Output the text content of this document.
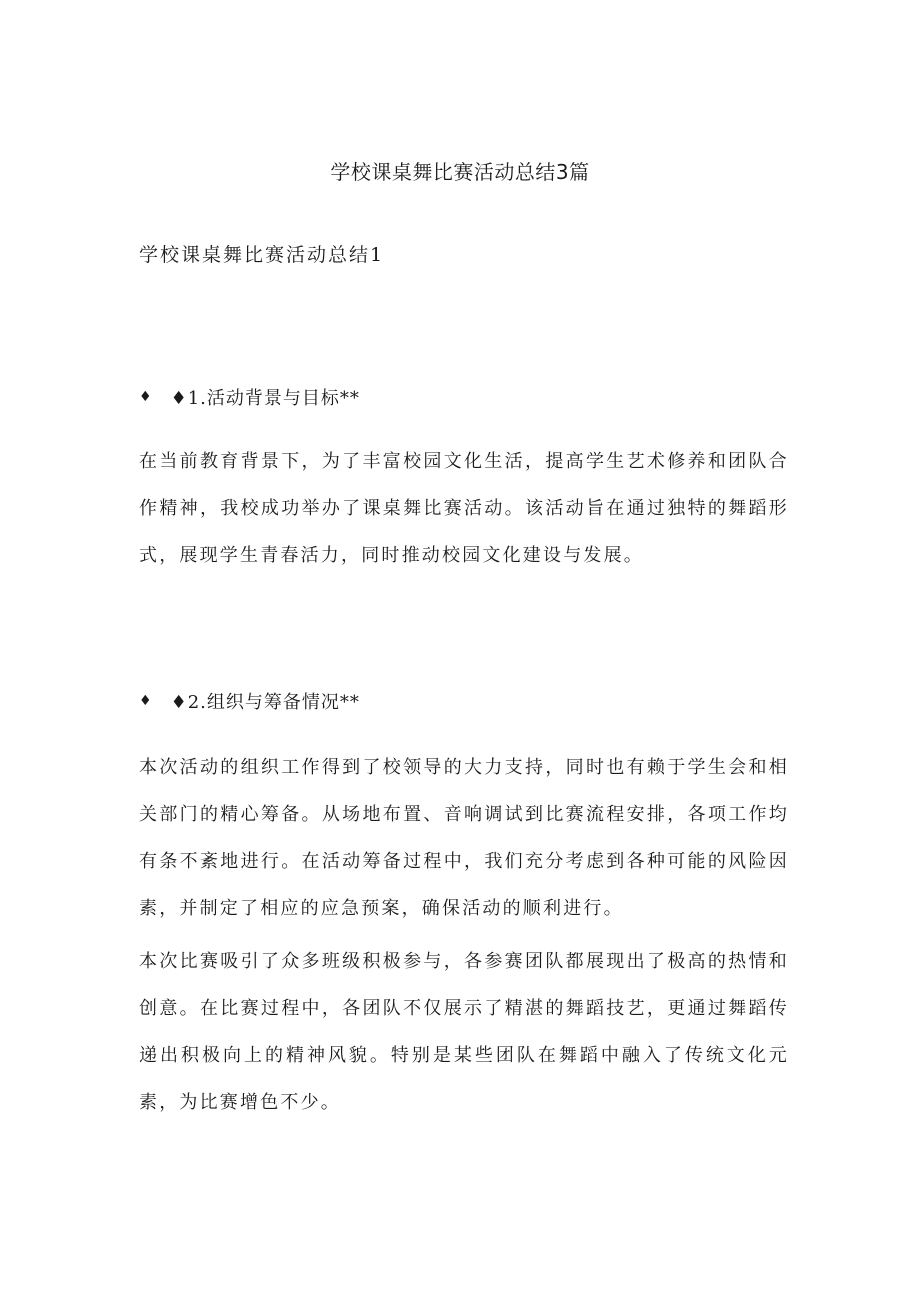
学校课桌舞比赛活动总结3篇
学校课桌舞比赛活动总结1
♦ ♦1.活动背景与目标**

在当前教育背景下，为了丰富校园文化生活，提高学生艺术修养和团队合作精神，我校成功举办了课桌舞比赛活动。该活动旨在通过独特的舞蹈形式，展现学生青春活力，同时推动校园文化建设与发展。

♦ ♦2.组织与筹备情况**

本次活动的组织工作得到了校领导的大力支持，同时也有赖于学生会和相关部门的精心筹备。从场地布置、音响调试到比赛流程安排，各项工作均有条不紊地进行。在活动筹备过程中，我们充分考虑到各种可能的风险因素，并制定了相应的应急预案，确保活动的顺利进行。

本次比赛吸引了众多班级积极参与，各参赛团队都展现出了极高的热情和创意。在比赛过程中，各团队不仅展示了精湛的舞蹈技艺，更通过舞蹈传递出积极向上的精神风貌。特别是某些团队在舞蹈中融入了传统文化元素，为比赛增色不少。
